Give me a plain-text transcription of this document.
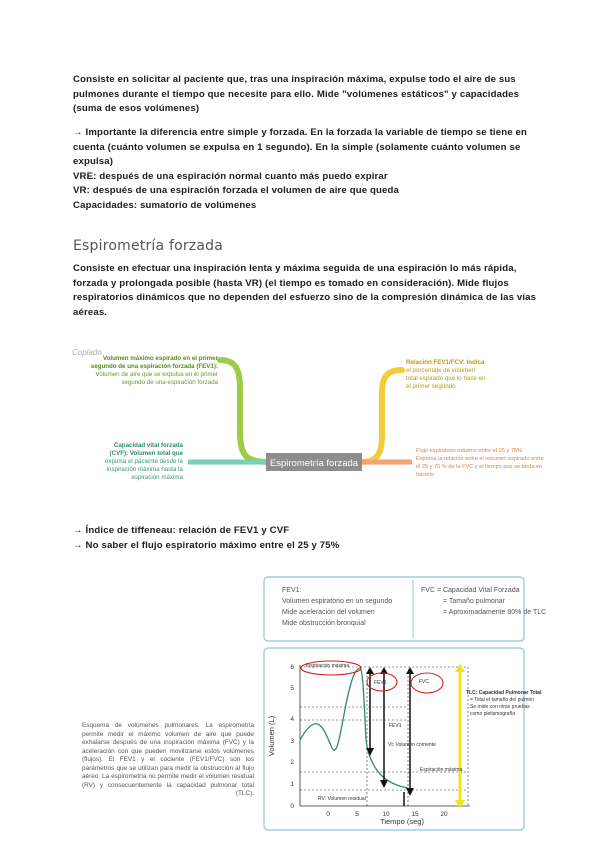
Consiste en solicitar al paciente que, tras una inspiración máxima, expulse todo el aire de sus
pulmones durante el tiempo que necesite para ello. Mide "volúmenes estáticos" y capacidades
(suma de esos volúmenes)
→ Importante la diferencia entre simple y forzada. En la forzada la variable de tiempo se tiene en
cuenta (cuánto volumen se expulsa en 1 segundo). En la simple (solamente cuánto volumen se
expulsa)
VRE: después de una espiración normal cuanto más puedo expirar
VR: después de una espiración forzada el volumen de aire que queda
Capacidades: sumatorio de volúmenes
Espirometría forzada
Consiste en efectuar una inspiración lenta y máxima seguida de una espiración lo más rápida,
forzada y prolongada posible (hasta VR) (el tiempo es tomado en consideración). Mide flujos
respiratorios dinámicos que no dependen del esfuerzo sino de la compresión dinámica de las vías
aéreas.
Copiado
Espirometría forzada
Volumen máximo espirado en el primer
segundo de una espiración forzada (FEV1):
Volumen de aire que se expulsa en el primer
segundo de una espiración forzada
Capacidad vital forzada
(CVF): Volumen total que
expulsa el paciente desde la
inspiración máxima hasta la
espiración máxima
Relación FEV1/FCV: Indica
el porcentaje de volumen
total espirado que lo hace en
el primer segundo
Flujo espiratorio máximo entre el 25 y 75%:
Expresa la relación entre el volumen espirado entre
el 25 y 75 % de la FVC y el tiempo que se tarda en
hacerlo
→ Índice de tiffeneau: relación de FEV1 y CVF
→ No saber el flujo espiratorio máximo entre el 25 y 75%
FEV1:
Volumen espiratorio en un segundo
Mide aceleración del volumen
Mide obstrucción bronquial
FVC = Capacidad Vital Forzada
= Tamaño pulmonar
= Aproximadamente 80% de TLC
Volumen (L)
Tiempo (seg)
0
1
2
3
4
5
6
0	5	10	15	20
Inspiración máxima
FEV1	FVC
FEV1
Vt: Volumen corriente
Espiración máxima
RV: Volumen residual
TLC: Capacidad Pulmonar Total
= Total el tamaño del pulmón
Se mide con otras pruebas
como pletismografía
Esquema de volúmenes pulmonares. La espirometría permite medir el máximo volumen de aire que puede exhalarse después de una inspiración máxima (FVC) y la aceleración con que pueden movilizarse estos volúmenes (flujos). El FEV1 y el cociente (FEV1/FVC) son los parámetros que se utilizan para medir la obstrucción al flujo aéreo. La espirometría no permite medir el volumen residual (RV) y consecuentemente la capacidad pulmonar total (TLC).
